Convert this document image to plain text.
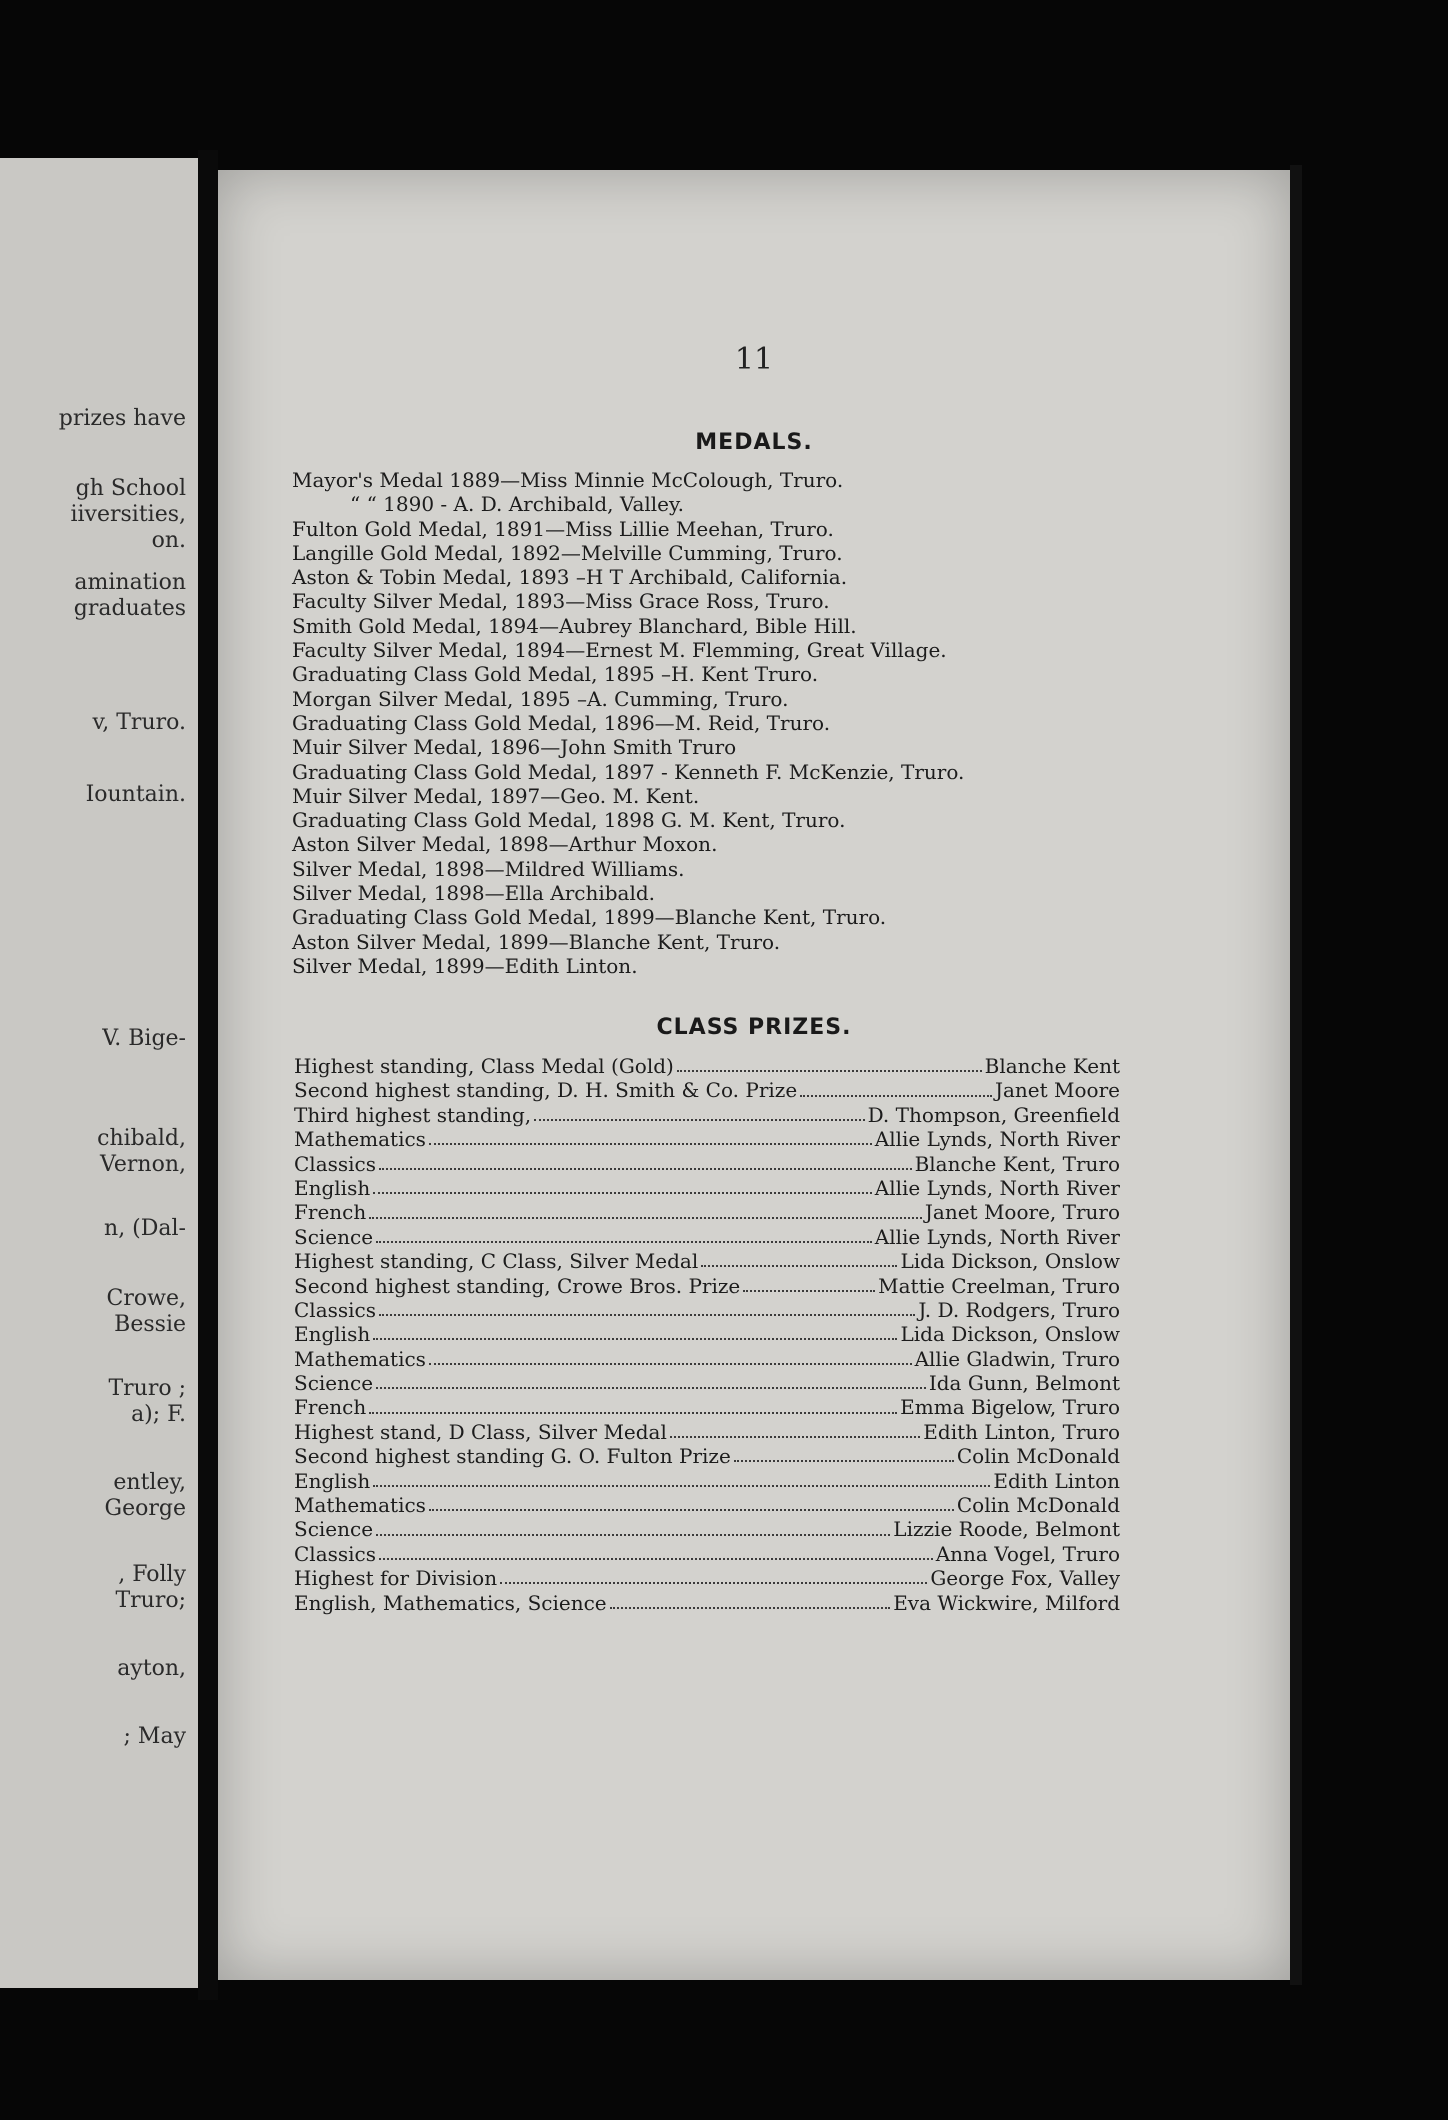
prizes have
gh School
iiversities,
on.
amination
graduates
v, Truro.
Iountain.
V. Bige-
chibald,
Vernon,
n, (Dal-
Crowe,
Bessie
Truro ;
a); F.
entley,
George
, Folly
Truro;
ayton,
; May
11
MEDALS.
Mayor's Medal 1889—Miss Minnie McColough, Truro.
“ “ 1890 - A. D. Archibald, Valley.
Fulton Gold Medal, 1891—Miss Lillie Meehan, Truro.
Langille Gold Medal, 1892—Melville Cumming, Truro.
Aston & Tobin Medal, 1893 –H T Archibald, California.
Faculty Silver Medal, 1893—Miss Grace Ross, Truro.
Smith Gold Medal, 1894—Aubrey Blanchard, Bible Hill.
Faculty Silver Medal, 1894—Ernest M. Flemming, Great Village.
Graduating Class Gold Medal, 1895 –H. Kent Truro.
Morgan Silver Medal, 1895 –A. Cumming, Truro.
Graduating Class Gold Medal, 1896—M. Reid, Truro.
Muir Silver Medal, 1896—John Smith Truro
Graduating Class Gold Medal, 1897 - Kenneth F. McKenzie, Truro.
Muir Silver Medal, 1897—Geo. M. Kent.
Graduating Class Gold Medal, 1898 G. M. Kent, Truro.
Aston Silver Medal, 1898—Arthur Moxon.
Silver Medal, 1898—Mildred Williams.
Silver Medal, 1898—Ella Archibald.
Graduating Class Gold Medal, 1899—Blanche Kent, Truro.
Aston Silver Medal, 1899—Blanche Kent, Truro.
Silver Medal, 1899—Edith Linton.
CLASS PRIZES.
Highest standing, Class Medal (Gold)	Blanche Kent
Second highest standing, D. H. Smith & Co. Prize	Janet Moore
Third highest standing,	D. Thompson, Greenfield
Mathematics	Allie Lynds, North River
Classics	Blanche Kent, Truro
English	Allie Lynds, North River
French	Janet Moore, Truro
Science	Allie Lynds, North River
Highest standing, C Class, Silver Medal	Lida Dickson, Onslow
Second highest standing, Crowe Bros. Prize	Mattie Creelman, Truro
Classics	J. D. Rodgers, Truro
English	Lida Dickson, Onslow
Mathematics	Allie Gladwin, Truro
Science	Ida Gunn, Belmont
French	Emma Bigelow, Truro
Highest stand, D Class, Silver Medal	Edith Linton, Truro
Second highest standing G. O. Fulton Prize	Colin McDonald
English	Edith Linton
Mathematics	Colin McDonald
Science	Lizzie Roode, Belmont
Classics	Anna Vogel, Truro
Highest for Division	George Fox, Valley
English, Mathematics, Science	Eva Wickwire, Milford
